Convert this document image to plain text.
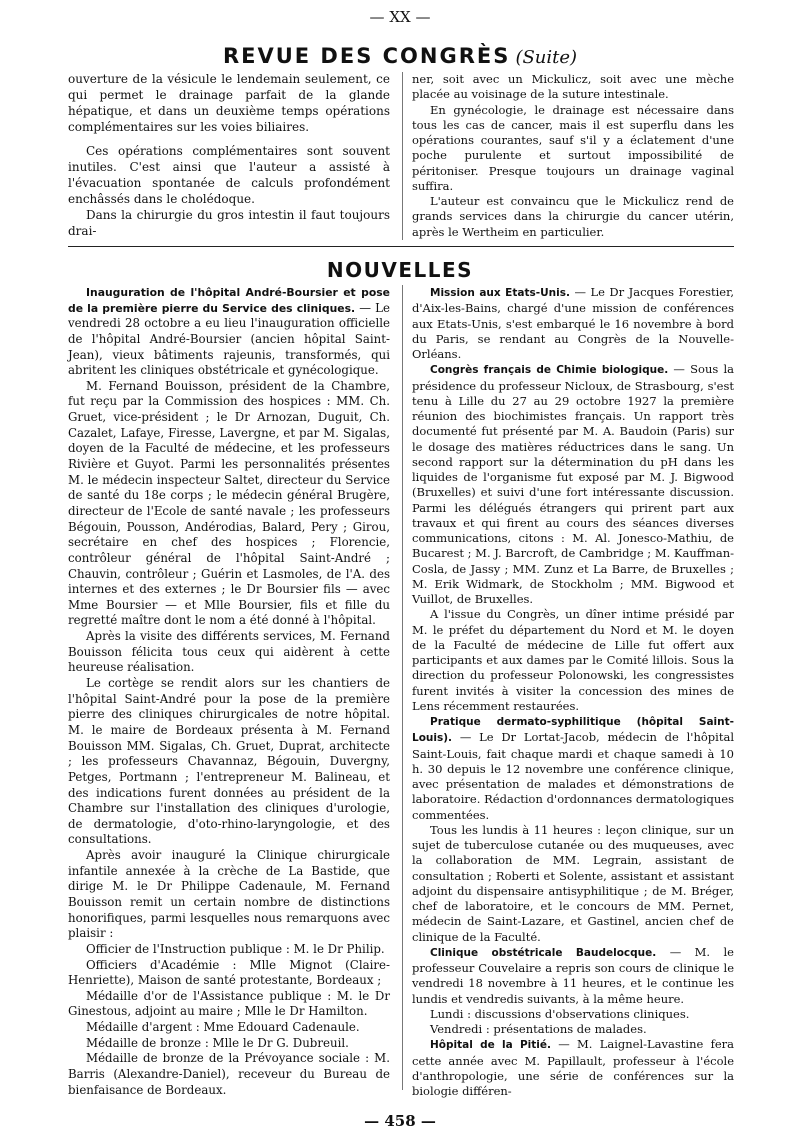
— XX —
REVUE DES CONGRÈS (Suite)

ouverture de la vésicule le lendemain seulement, ce qui permet le drainage parfait de la glande hépatique, et dans un deuxième temps opérations complémentaires sur les voies biliaires.

Ces opérations complémentaires sont souvent inutiles. C'est ainsi que l'auteur a assisté à l'évacuation spontanée de calculs profondément enchâssés dans le cholédoque.

Dans la chirurgie du gros intestin il faut toujours drai-

ner, soit avec un Mickulicz, soit avec une mèche placée au voisinage de la suture intestinale.

En gynécologie, le drainage est nécessaire dans tous les cas de cancer, mais il est superflu dans les opérations courantes, sauf s'il y a éclatement d'une poche purulente et surtout impossibilité de péritoniser. Presque toujours un drainage vaginal suffira.

L'auteur est convaincu que le Mickulicz rend de grands services dans la chirurgie du cancer utérin, après le Wertheim en particulier.

NOUVELLES

Inauguration de l'hôpital André-Boursier et pose de la première pierre du Service des cliniques. — Le vendredi 28 octobre a eu lieu l'inauguration officielle de l'hôpital André-Boursier (ancien hôpital Saint-Jean), vieux bâtiments rajeunis, transformés, qui abritent les cliniques obstétricale et gynécologique.

M. Fernand Bouisson, président de la Chambre, fut reçu par la Commission des hospices : MM. Ch. Gruet, vice-président ; le Dr Arnozan, Duguit, Ch. Cazalet, Lafaye, Firesse, Lavergne, et par M. Sigalas, doyen de la Faculté de médecine, et les professeurs Rivière et Guyot. Parmi les personnalités présentes M. le médecin inspecteur Saltet, directeur du Service de santé du 18e corps ; le médecin général Brugère, directeur de l'Ecole de santé navale ; les professeurs Bégouin, Pousson, Andérodias, Balard, Pery ; Girou, secrétaire en chef des hospices ; Florencie, contrôleur général de l'hôpital Saint-André ; Chauvin, contrôleur ; Guérin et Lasmoles, de l'A. des internes et des externes ; le Dr Boursier fils — avec Mme Boursier — et Mlle Boursier, fils et fille du regretté maître dont le nom a été donné à l'hôpital.

Après la visite des différents services, M. Fernand Bouisson félicita tous ceux qui aidèrent à cette heureuse réalisation.

Le cortège se rendit alors sur les chantiers de l'hôpital Saint-André pour la pose de la première pierre des cliniques chirurgicales de notre hôpital. M. le maire de Bordeaux présenta à M. Fernand Bouisson MM. Sigalas, Ch. Gruet, Duprat, architecte ; les professeurs Chavannaz, Bégouin, Duvergny, Petges, Portmann ; l'entrepreneur M. Balineau, et des indications furent données au président de la Chambre sur l'installation des cliniques d'urologie, de dermatologie, d'oto-rhino-laryngologie, et des consultations.

Après avoir inauguré la Clinique chirurgicale infantile annexée à la crèche de La Bastide, que dirige M. le Dr Philippe Cadenaule, M. Fernand Bouisson remit un certain nombre de distinctions honorifiques, parmi lesquelles nous remarquons avec plaisir :

Officier de l'Instruction publique : M. le Dr Philip.

Officiers d'Académie : Mlle Mignot (Claire-Henriette), Maison de santé protestante, Bordeaux ;

Médaille d'or de l'Assistance publique : M. le Dr Ginestous, adjoint au maire ; Mlle le Dr Hamilton.

Médaille d'argent : Mme Edouard Cadenaule.

Médaille de bronze : Mlle le Dr G. Dubreuil.

Médaille de bronze de la Prévoyance sociale : M. Barris (Alexandre-Daniel), receveur du Bureau de bienfaisance de Bordeaux.

Mission aux Etats-Unis. — Le Dr Jacques Forestier, d'Aix-les-Bains, chargé d'une mission de conférences aux Etats-Unis, s'est embarqué le 16 novembre à bord du Paris, se rendant au Congrès de la Nouvelle-Orléans.

Congrès français de Chimie biologique. — Sous la présidence du professeur Nicloux, de Strasbourg, s'est tenu à Lille du 27 au 29 octobre 1927 la première réunion des biochimistes français. Un rapport très documenté fut présenté par M. A. Baudoin (Paris) sur le dosage des matières réductrices dans le sang. Un second rapport sur la détermination du pH dans les liquides de l'organisme fut exposé par M. J. Bigwood (Bruxelles) et suivi d'une fort intéressante discussion. Parmi les délégués étrangers qui prirent part aux travaux et qui firent au cours des séances diverses communications, citons : M. Al. Jonesco-Mathiu, de Bucarest ; M. J. Barcroft, de Cambridge ; M. Kauffman-Cosla, de Jassy ; MM. Zunz et La Barre, de Bruxelles ; M. Erik Widmark, de Stockholm ; MM. Bigwood et Vuillot, de Bruxelles.

A l'issue du Congrès, un dîner intime présidé par M. le préfet du département du Nord et M. le doyen de la Faculté de médecine de Lille fut offert aux participants et aux dames par le Comité lillois. Sous la direction du professeur Polonowski, les congressistes furent invités à visiter la concession des mines de Lens récemment restaurées.

Pratique dermato-syphilitique (hôpital Saint-Louis). — Le Dr Lortat-Jacob, médecin de l'hôpital Saint-Louis, fait chaque mardi et chaque samedi à 10 h. 30 depuis le 12 novembre une conférence clinique, avec présentation de malades et démonstrations de laboratoire. Rédaction d'ordonnances dermatologiques commentées.

Tous les lundis à 11 heures : leçon clinique, sur un sujet de tuberculose cutanée ou des muqueuses, avec la collaboration de MM. Legrain, assistant de consultation ; Roberti et Solente, assistant et assistant adjoint du dispensaire antisyphilitique ; de M. Bréger, chef de laboratoire, et le concours de MM. Pernet, médecin de Saint-Lazare, et Gastinel, ancien chef de clinique de la Faculté.

Clinique obstétricale Baudelocque. — M. le professeur Couvelaire a repris son cours de clinique le vendredi 18 novembre à 11 heures, et le continue les lundis et vendredis suivants, à la même heure.

Lundi : discussions d'observations cliniques.

Vendredi : présentations de malades.

Hôpital de la Pitié. — M. Laignel-Lavastine fera cette année avec M. Papillault, professeur à l'école d'anthropologie, une série de conférences sur la biologie différen-

— 458 —
